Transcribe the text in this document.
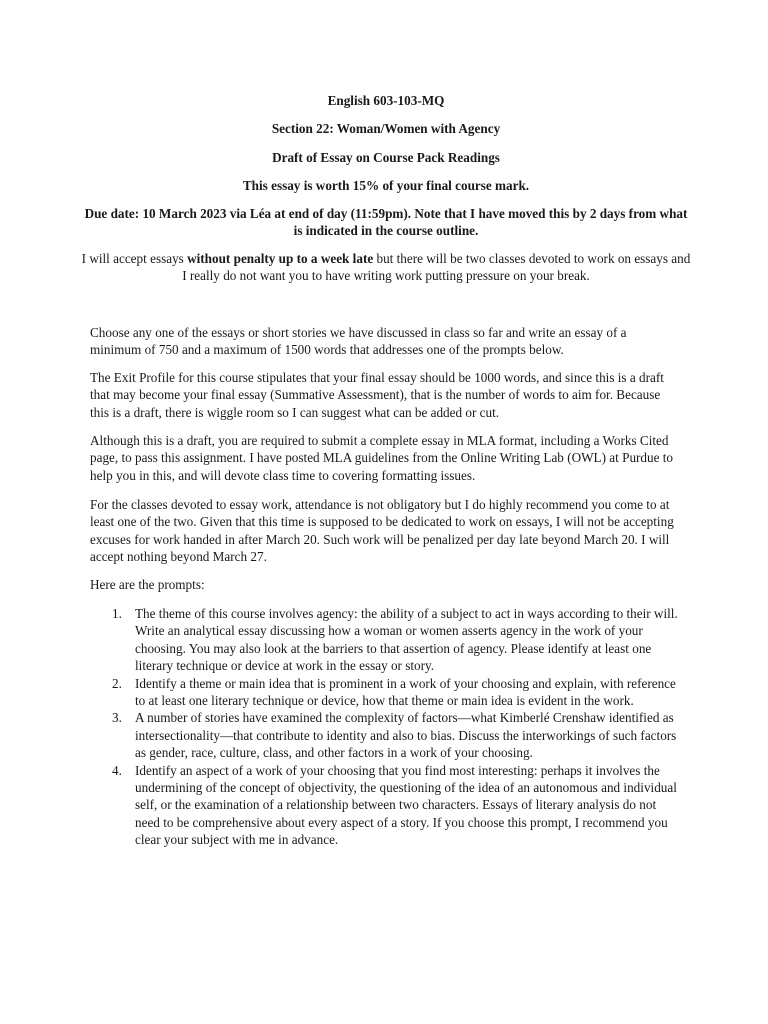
English 603-103-MQ
Section 22: Woman/Women with Agency
Draft of Essay on Course Pack Readings
This essay is worth 15% of your final course mark.
Due date: 10 March 2023 via Léa at end of day (11:59pm). Note that I have moved this by 2 days from what is indicated in the course outline.
I will accept essays without penalty up to a week late but there will be two classes devoted to work on essays and I really do not want you to have writing work putting pressure on your break.

Choose any one of the essays or short stories we have discussed in class so far and write an essay of a minimum of 750 and a maximum of 1500 words that addresses one of the prompts below.

The Exit Profile for this course stipulates that your final essay should be 1000 words, and since this is a draft that may become your final essay (Summative Assessment), that is the number of words to aim for. Because this is a draft, there is wiggle room so I can suggest what can be added or cut.

Although this is a draft, you are required to submit a complete essay in MLA format, including a Works Cited page, to pass this assignment. I have posted MLA guidelines from the Online Writing Lab (OWL) at Purdue to help you in this, and will devote class time to covering formatting issues.

For the classes devoted to essay work, attendance is not obligatory but I do highly recommend you come to at least one of the two. Given that this time is supposed to be dedicated to work on essays, I will not be accepting excuses for work handed in after March 20. Such work will be penalized per day late beyond March 20. I will accept nothing beyond March 27.

Here are the prompts:

1. The theme of this course involves agency: the ability of a subject to act in ways according to their will. Write an analytical essay discussing how a woman or women asserts agency in the work of your choosing. You may also look at the barriers to that assertion of agency. Please identify at least one literary technique or device at work in the essay or story.
2. Identify a theme or main idea that is prominent in a work of your choosing and explain, with reference to at least one literary technique or device, how that theme or main idea is evident in the work.
3. A number of stories have examined the complexity of factors—what Kimberlé Crenshaw identified as intersectionality—that contribute to identity and also to bias. Discuss the interworkings of such factors as gender, race, culture, class, and other factors in a work of your choosing.
4. Identify an aspect of a work of your choosing that you find most interesting: perhaps it involves the undermining of the concept of objectivity, the questioning of the idea of an autonomous and individual self, or the examination of a relationship between two characters. Essays of literary analysis do not need to be comprehensive about every aspect of a story. If you choose this prompt, I recommend you clear your subject with me in advance.
